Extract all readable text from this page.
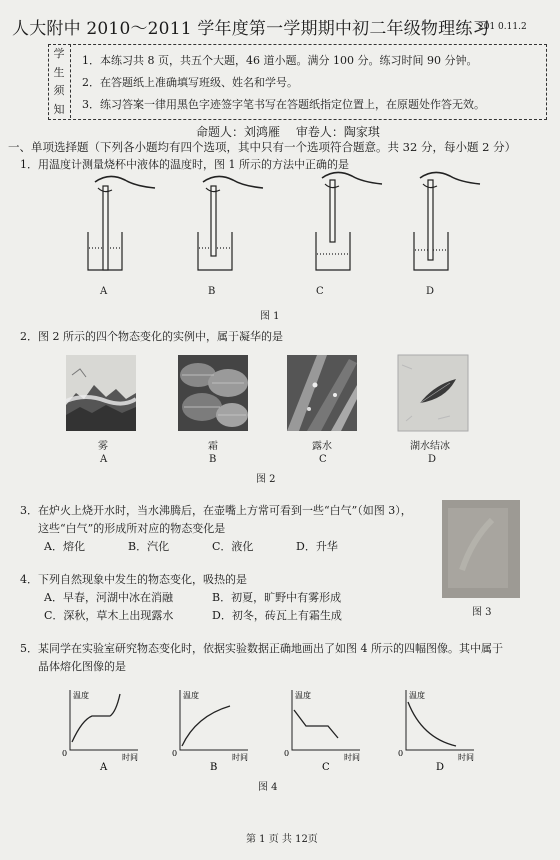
人大附中 2010～2011 学年度第一学期期中初二年级物理练习
201 0.11.2
学
生
须
知
1．本练习共 8 页，共五个大题，46 道小题。满分 100 分。练习时间 90 分钟。
2．在答题纸上准确填写班级、姓名和学号。
3．练习答案一律用黑色字迹签字笔书写在答题纸指定位置上，在原题处作答无效。
命题人：刘鸿雁　 审卷人：陶家琪
一、单项选择题（下列各小题均有四个选项，其中只有一个选项符合题意。共 32 分，每小题 2 分）
1．用温度计测量烧杯中液体的温度时，图 1 所示的方法中正确的是
A	B	C	D
图 1
2．图 2 所示的四个物态变化的实例中，属于凝华的是
雾	霜	露水	湖水结冰
A	B	C	D
图 2
3．在炉火上烧开水时，当水沸腾后，在壶嘴上方常可看到一些“白气”（如图 3），
这些“白气”的形成所对应的物态变化是
A．熔化	B．汽化	C．液化	D．升华
图 3
4．下列自然现象中发生的物态变化，吸热的是
A．早春，河湖中冰在消融	B．初夏，旷野中有雾形成
C．深秋，草木上出现露水	D．初冬，砖瓦上有霜生成
5．某同学在实验室研究物态变化时，依据实验数据正确地画出了如图 4 所示的四幅图像。其中属于
晶体熔化图像的是
温度
时间
0
A
温度
时间
0
B
温度
时间
0
C
温度
时间
0
D
图 4
第 1 页 共 12页
